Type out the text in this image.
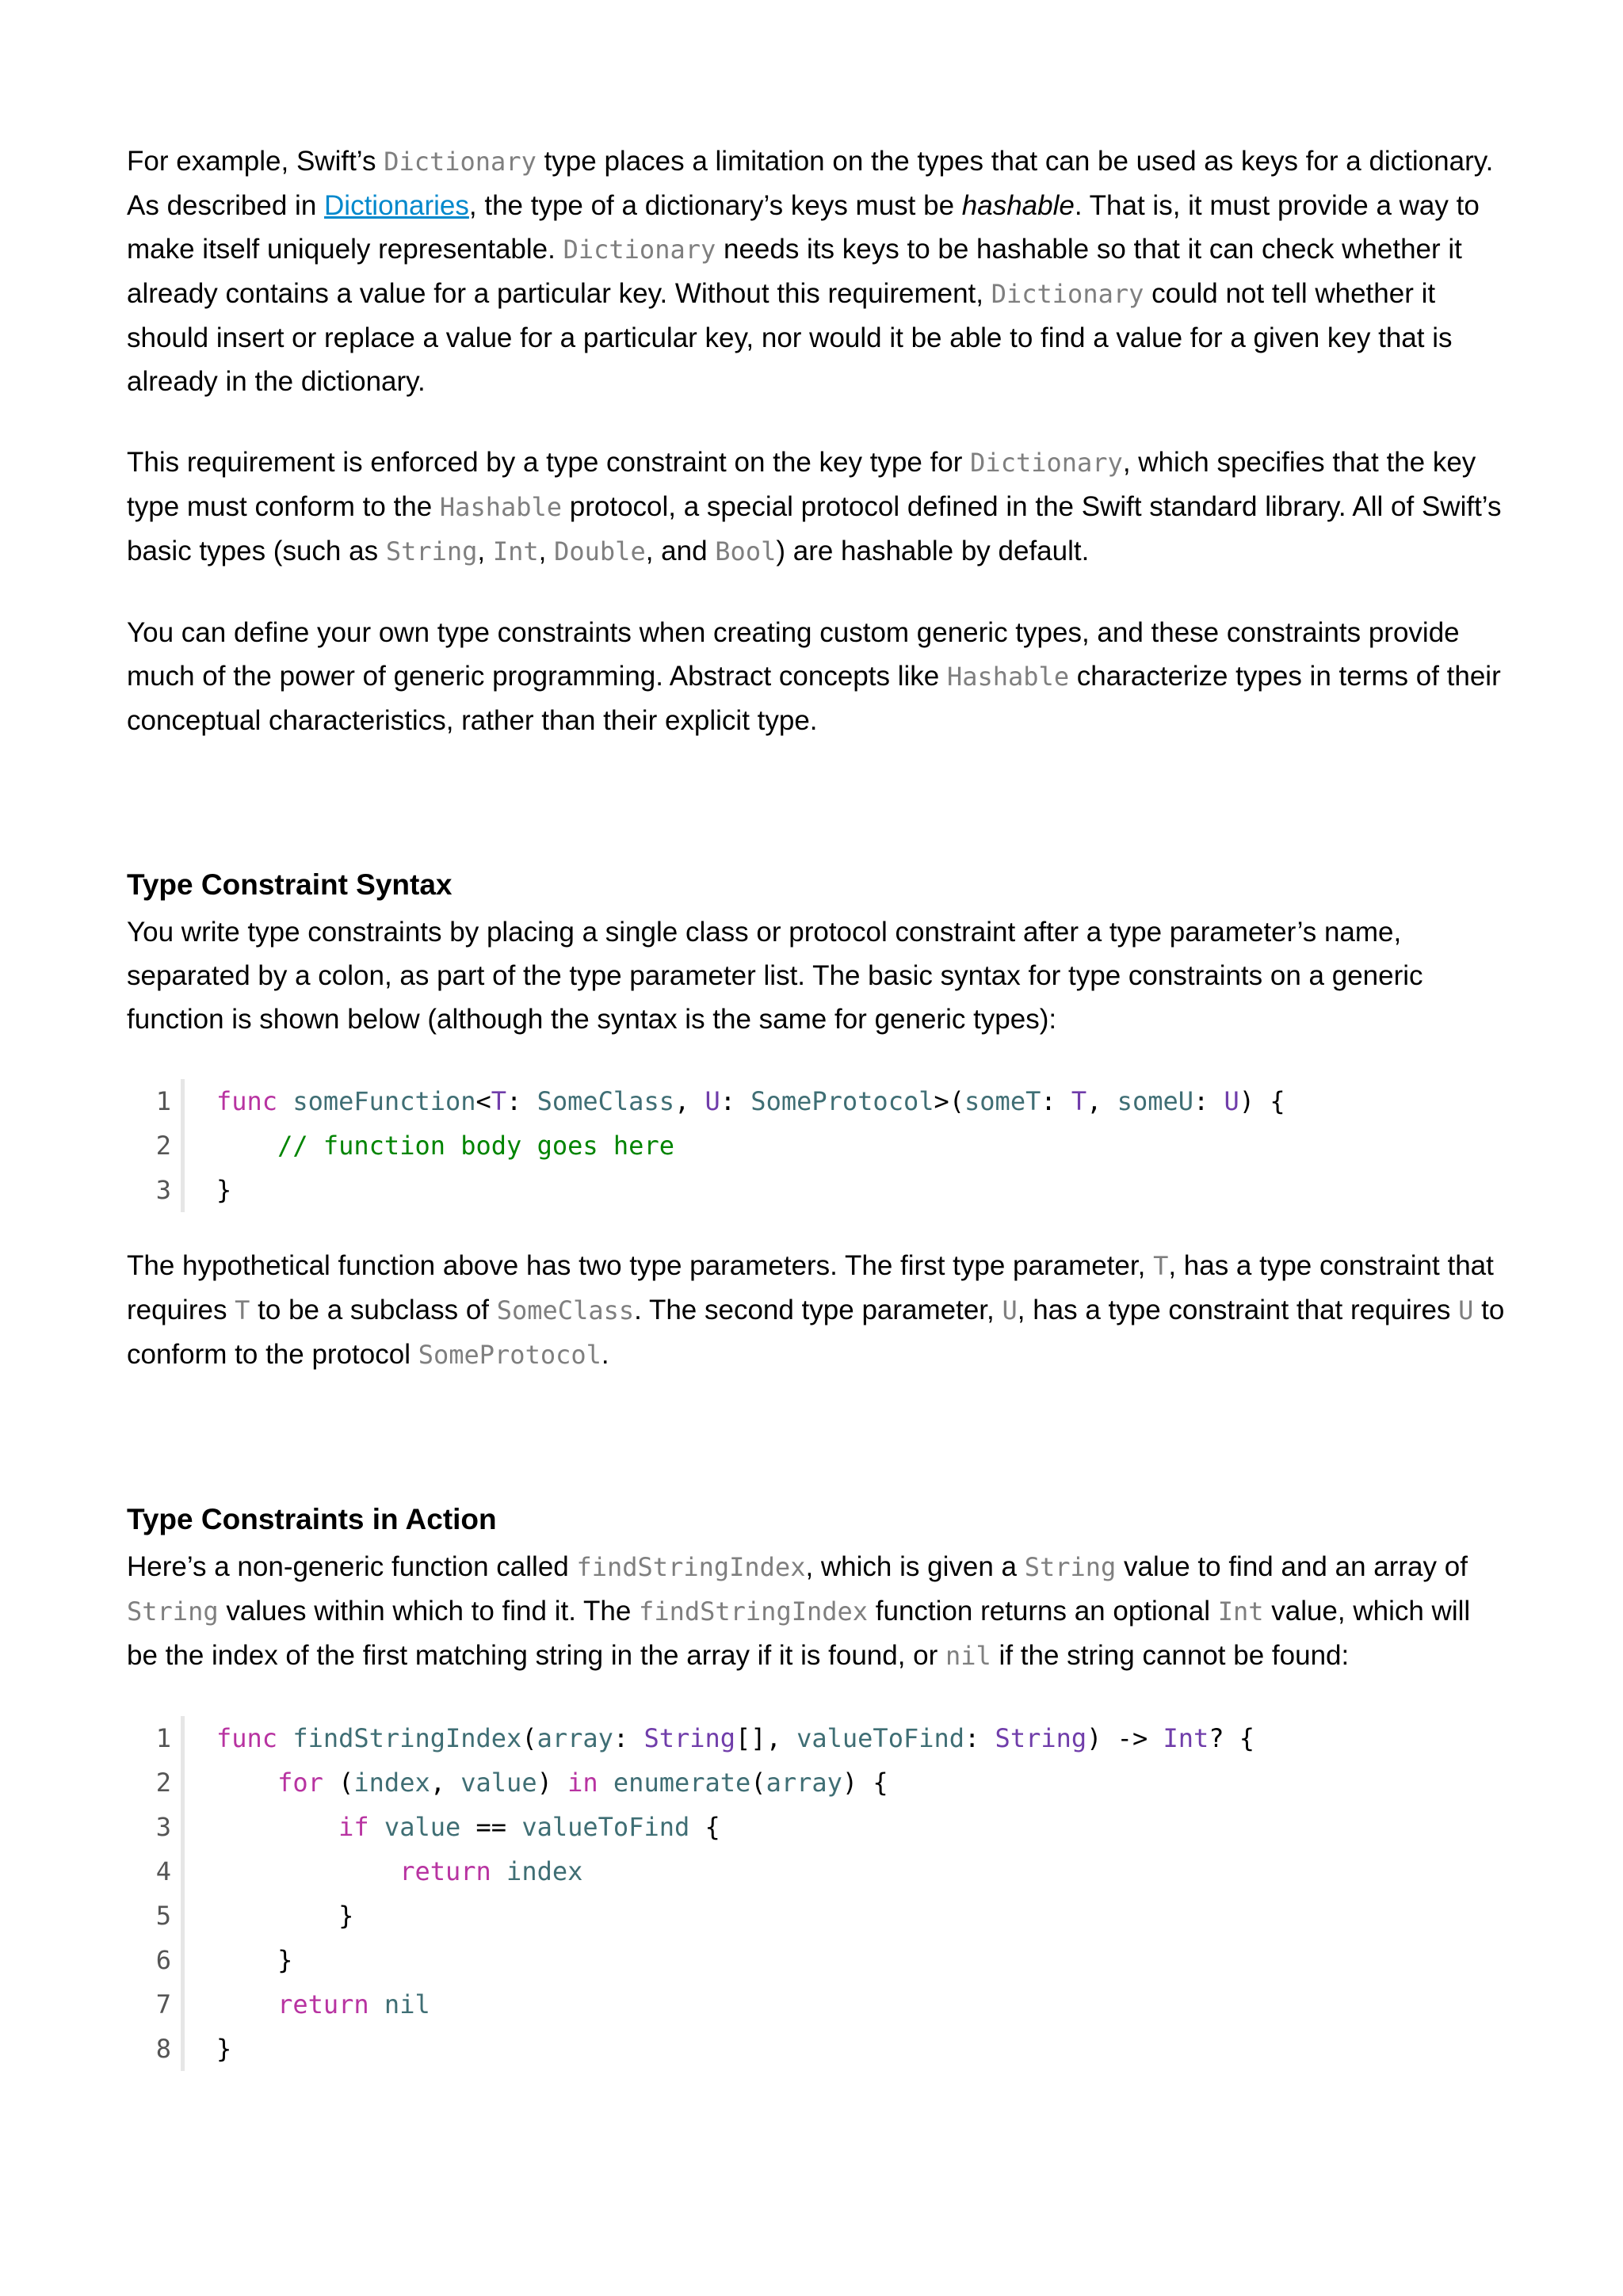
For example, Swift’s Dictionary type places a limitation on the types that can be used as keys for a dictionary. As described in Dictionaries, the type of a dictionary’s keys must be hashable. That is, it must provide a way to make itself uniquely representable. Dictionary needs its keys to be hashable so that it can check whether it already contains a value for a particular key. Without this requirement, Dictionary could not tell whether it should insert or replace a value for a particular key, nor would it be able to find a value for a given key that is already in the dictionary.

This requirement is enforced by a type constraint on the key type for Dictionary, which specifies that the key type must conform to the Hashable protocol, a special protocol defined in the Swift standard library. All of Swift’s basic types (such as String, Int, Double, and Bool) are hashable by default.

You can define your own type constraints when creating custom generic types, and these constraints provide much of the power of generic programming. Abstract concepts like Hashable characterize types in terms of their conceptual characteristics, rather than their explicit type.

Type Constraint Syntax

You write type constraints by placing a single class or protocol constraint after a type parameter’s name, separated by a colon, as part of the type parameter list. The basic syntax for type constraints on a generic function is shown below (although the syntax is the same for generic types):

1	func someFunction<T: SomeClass, U: SomeProtocol>(someT: T, someU: U) {
2	// function body goes here
3	}

The hypothetical function above has two type parameters. The first type parameter, T, has a type constraint that requires T to be a subclass of SomeClass. The second type parameter, U, has a type constraint that requires U to conform to the protocol SomeProtocol.

Type Constraints in Action

Here’s a non-generic function called findStringIndex, which is given a String value to find and an array of String values within which to find it. The findStringIndex function returns an optional Int value, which will be the index of the first matching string in the array if it is found, or nil if the string cannot be found:

1	func findStringIndex(array: String[], valueToFind: String) -> Int? {
2	for (index, value) in enumerate(array) {
3	if value == valueToFind {
4	return index
5	}
6	}
7	return nil
8	}
